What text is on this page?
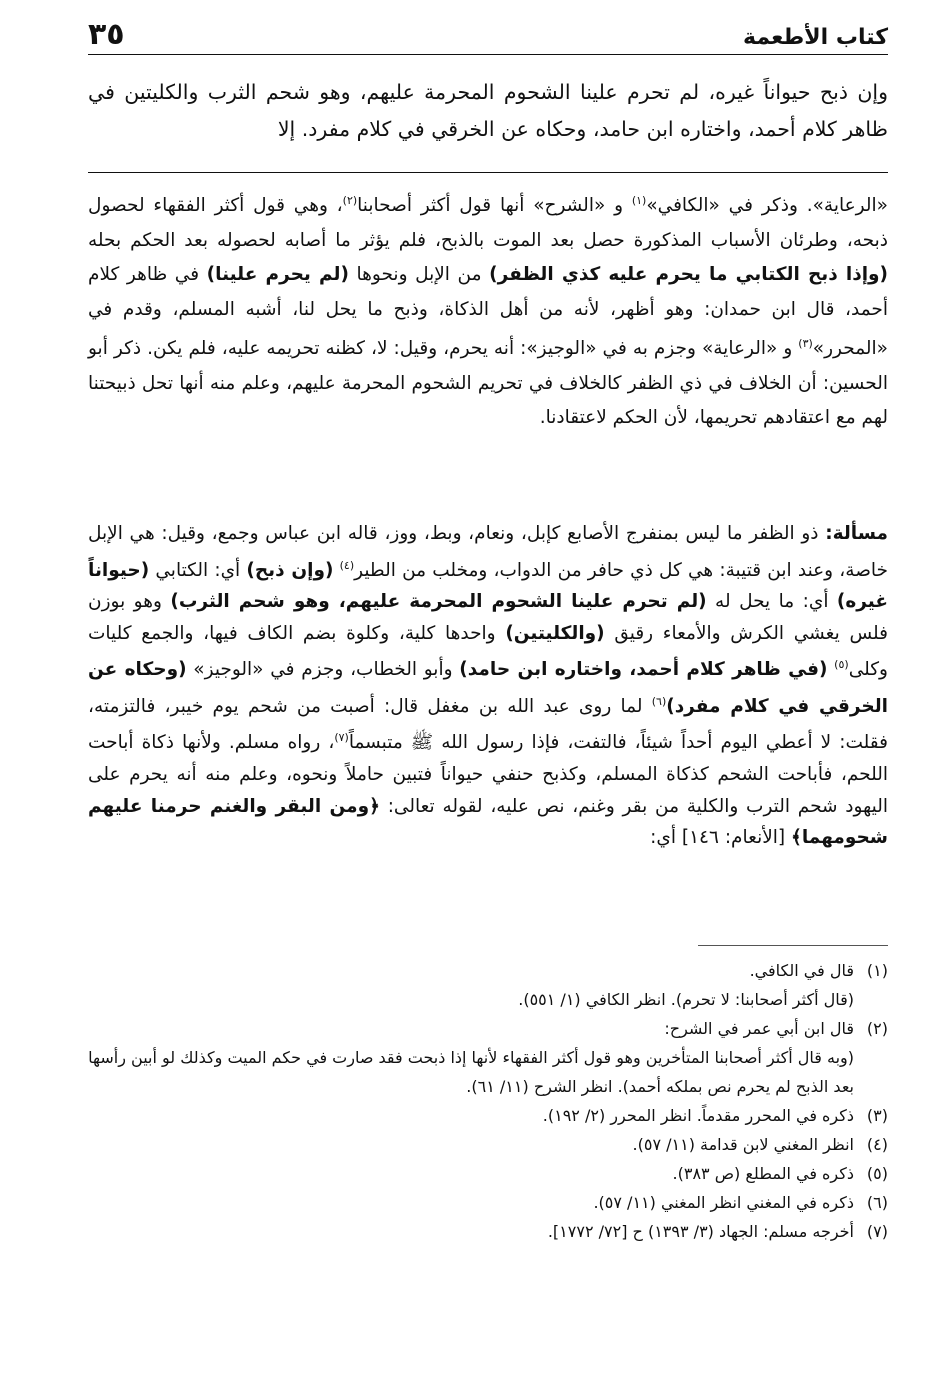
كتاب الأطعمة
٣٥

وإن ذبح حيواناً غيره، لم تحرم علينا الشحوم المحرمة عليهم، وهو شحم الثرب والكليتين في ظاهر كلام أحمد، واختاره ابن حامد، وحكاه عن الخرقي في كلام مفرد. إلا

«الرعاية». وذكر في «الكافي»$^{(١)}$ و «الشرح» أنها قول أكثر أصحابنا$^{(٢)}$، وهي قول أكثر الفقهاء لحصول ذبحه، وطرئان الأسباب المذكورة حصل بعد الموت بالذبح، فلم يؤثر ما أصابه لحصوله بعد الحكم بحله (وإذا ذبح الكتابي ما يحرم عليه كذي الظفر) من الإبل ونحوها (لم يحرم علينا) في ظاهر كلام أحمد، قال ابن حمدان: وهو أظهر، لأنه من أهل الذكاة، وذبح ما يحل لنا، أشبه المسلم، وقدم في «المحرر»$^{(٣)}$ و «الرعاية» وجزم به في «الوجيز»: أنه يحرم، وقيل: لا، كظنه تحريمه عليه، فلم يكن. ذكر أبو الحسين: أن الخلاف في ذي الظفر كالخلاف في تحريم الشحوم المحرمة عليهم، وعلم منه أنها تحل ذبيحتنا لهم مع اعتقادهم تحريمها، لأن الحكم لاعتقادنا.

مسألة: ذو الظفر ما ليس بمنفرج الأصابع كإبل، ونعام، وبط، ووز، قاله ابن عباس وجمع، وقيل: هي الإبل خاصة، وعند ابن قتيبة: هي كل ذي حافر من الدواب، ومخلب من الطير$^{(٤)}$ (وإن ذبح) أي: الكتابي (حيواناً غيره) أي: ما يحل له (لم تحرم علينا الشحوم المحرمة عليهم، وهو شحم الثرب) وهو بوزن فلس يغشي الكرش والأمعاء رقيق (والكليتين) واحدها كلية، وكلوة بضم الكاف فيها، والجمع كليات وكلى$^{(٥)}$ (في ظاهر كلام أحمد، واختاره ابن حامد) وأبو الخطاب، وجزم في «الوجيز» (وحكاه عن الخرقي في كلام مفرد)$^{(٦)}$ لما روى عبد الله بن مغفل قال: أصبت من شحم يوم خيبر، فالتزمته، فقلت: لا أعطي اليوم أحداً شيئاً، فالتفت، فإذا رسول الله ﷺ متبسماً$^{(٧)}$، رواه مسلم. ولأنها ذكاة أباحت اللحم، فأباحت الشحم كذكاة المسلم، وكذبح حنفي حيواناً فتبين حاملاً ونحوه، وعلم منه أنه يحرم على اليهود شحم الترب والكلية من بقر وغنم، نص عليه، لقوله تعالى: ﴿ومن البقر والغنم حرمنا عليهم شحومهما﴾ [الأنعام: ١٤٦] أي:

(١)
قال في الكافي.
(قال أكثر أصحابنا: لا تحرم). انظر الكافي (١/ ٥٥١).
(٢)
قال ابن أبي عمر في الشرح:
(وبه قال أكثر أصحابنا المتأخرين وهو قول أكثر الفقهاء لأنها إذا ذبحت فقد صارت في حكم الميت وكذلك لو أبين رأسها بعد الذبح لم يحرم نص بملكه أحمد). انظر الشرح (١١/ ٦١).
(٣)
ذكره في المحرر مقدماً. انظر المحرر (٢/ ١٩٢).
(٤)
انظر المغني لابن قدامة (١١/ ٥٧).
(٥)
ذكره في المطلع (ص ٣٨٣).
(٦)
ذكره في المغني انظر المغني (١١/ ٥٧).
(٧)
أخرجه مسلم: الجهاد (٣/ ١٣٩٣) ح [٧٢/ ١٧٧٢].
